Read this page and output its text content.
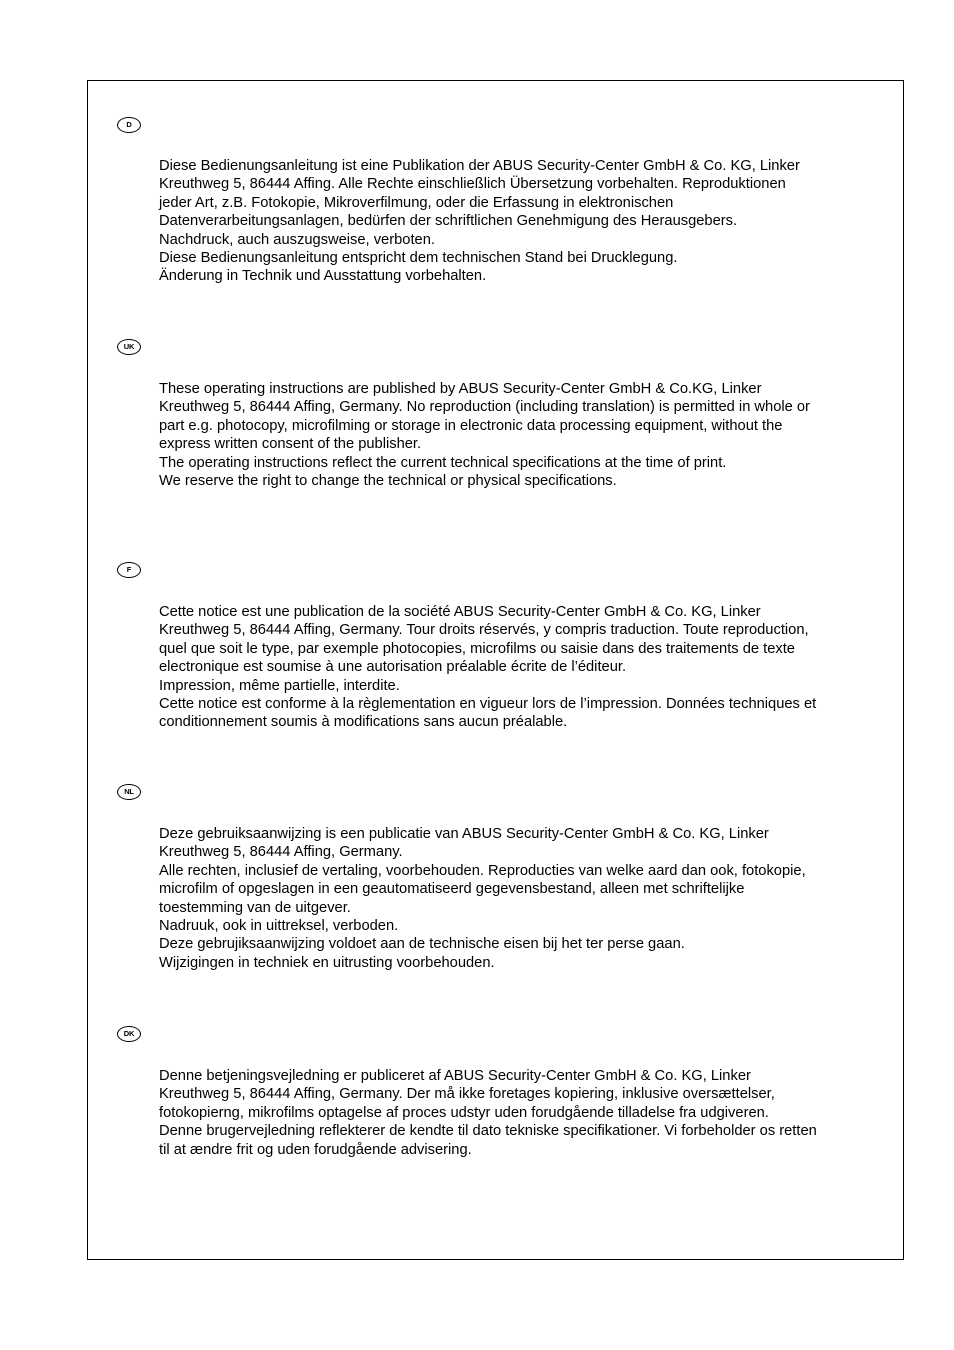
D

Diese Bedienungsanleitung ist eine Publikation der ABUS Security-Center GmbH & Co. KG, Linker
Kreuthweg 5, 86444 Affing. Alle Rechte einschließlich Übersetzung vorbehalten. Reproduktionen
jeder Art, z.B. Fotokopie, Mikroverfilmung, oder die Erfassung in elektronischen
Datenverarbeitungsanlagen, bedürfen der schriftlichen Genehmigung des Herausgebers.
Nachdruck, auch auszugsweise, verboten.
Diese Bedienungsanleitung entspricht dem technischen Stand bei Drucklegung.
Änderung in Technik und Ausstattung vorbehalten.

UK

These operating instructions are published by ABUS Security-Center GmbH & Co.KG, Linker
Kreuthweg 5, 86444 Affing, Germany. No reproduction (including translation) is permitted in whole or
part e.g. photocopy, microfilming or storage in electronic data processing equipment, without the
express written consent of the publisher.
The operating instructions reflect the current technical specifications at the time of print.
We reserve the right to change the technical or physical specifications.

F

Cette notice est une publication de la société ABUS Security-Center GmbH & Co. KG, Linker
Kreuthweg 5, 86444 Affing, Germany. Tour droits réservés, y compris traduction. Toute reproduction,
quel que soit le type, par exemple photocopies, microfilms ou saisie dans des traitements de texte
electronique est soumise à une autorisation préalable écrite de l’éditeur.
Impression, même partielle, interdite.
Cette notice est conforme à la règlementation en vigueur lors de l’impression. Données techniques et
conditionnement soumis à modifications sans aucun préalable.

NL

Deze gebruiksaanwijzing is een publicatie van ABUS Security-Center GmbH & Co. KG, Linker
Kreuthweg 5, 86444 Affing, Germany.
Alle rechten, inclusief de vertaling, voorbehouden. Reproducties van welke aard dan ook, fotokopie,
microfilm of opgeslagen in een geautomatiseerd gegevensbestand, alleen met schriftelijke
toestemming van de uitgever.
Nadruuk, ook in uittreksel, verboden.
Deze gebrujiksaanwijzing voldoet aan de technische eisen bij het ter perse gaan.
Wijzigingen in techniek en uitrusting voorbehouden.

DK

Denne betjeningsvejledning er publiceret af ABUS Security-Center GmbH & Co. KG, Linker
Kreuthweg 5, 86444 Affing, Germany. Der må ikke foretages kopiering, inklusive oversættelser,
fotokopierng, mikrofilms optagelse af proces udstyr uden forudgående tilladelse fra udgiveren.
Denne brugervejledning reflekterer de kendte til dato tekniske specifikationer. Vi forbeholder os retten
til at ændre frit og uden forudgående advisering.
